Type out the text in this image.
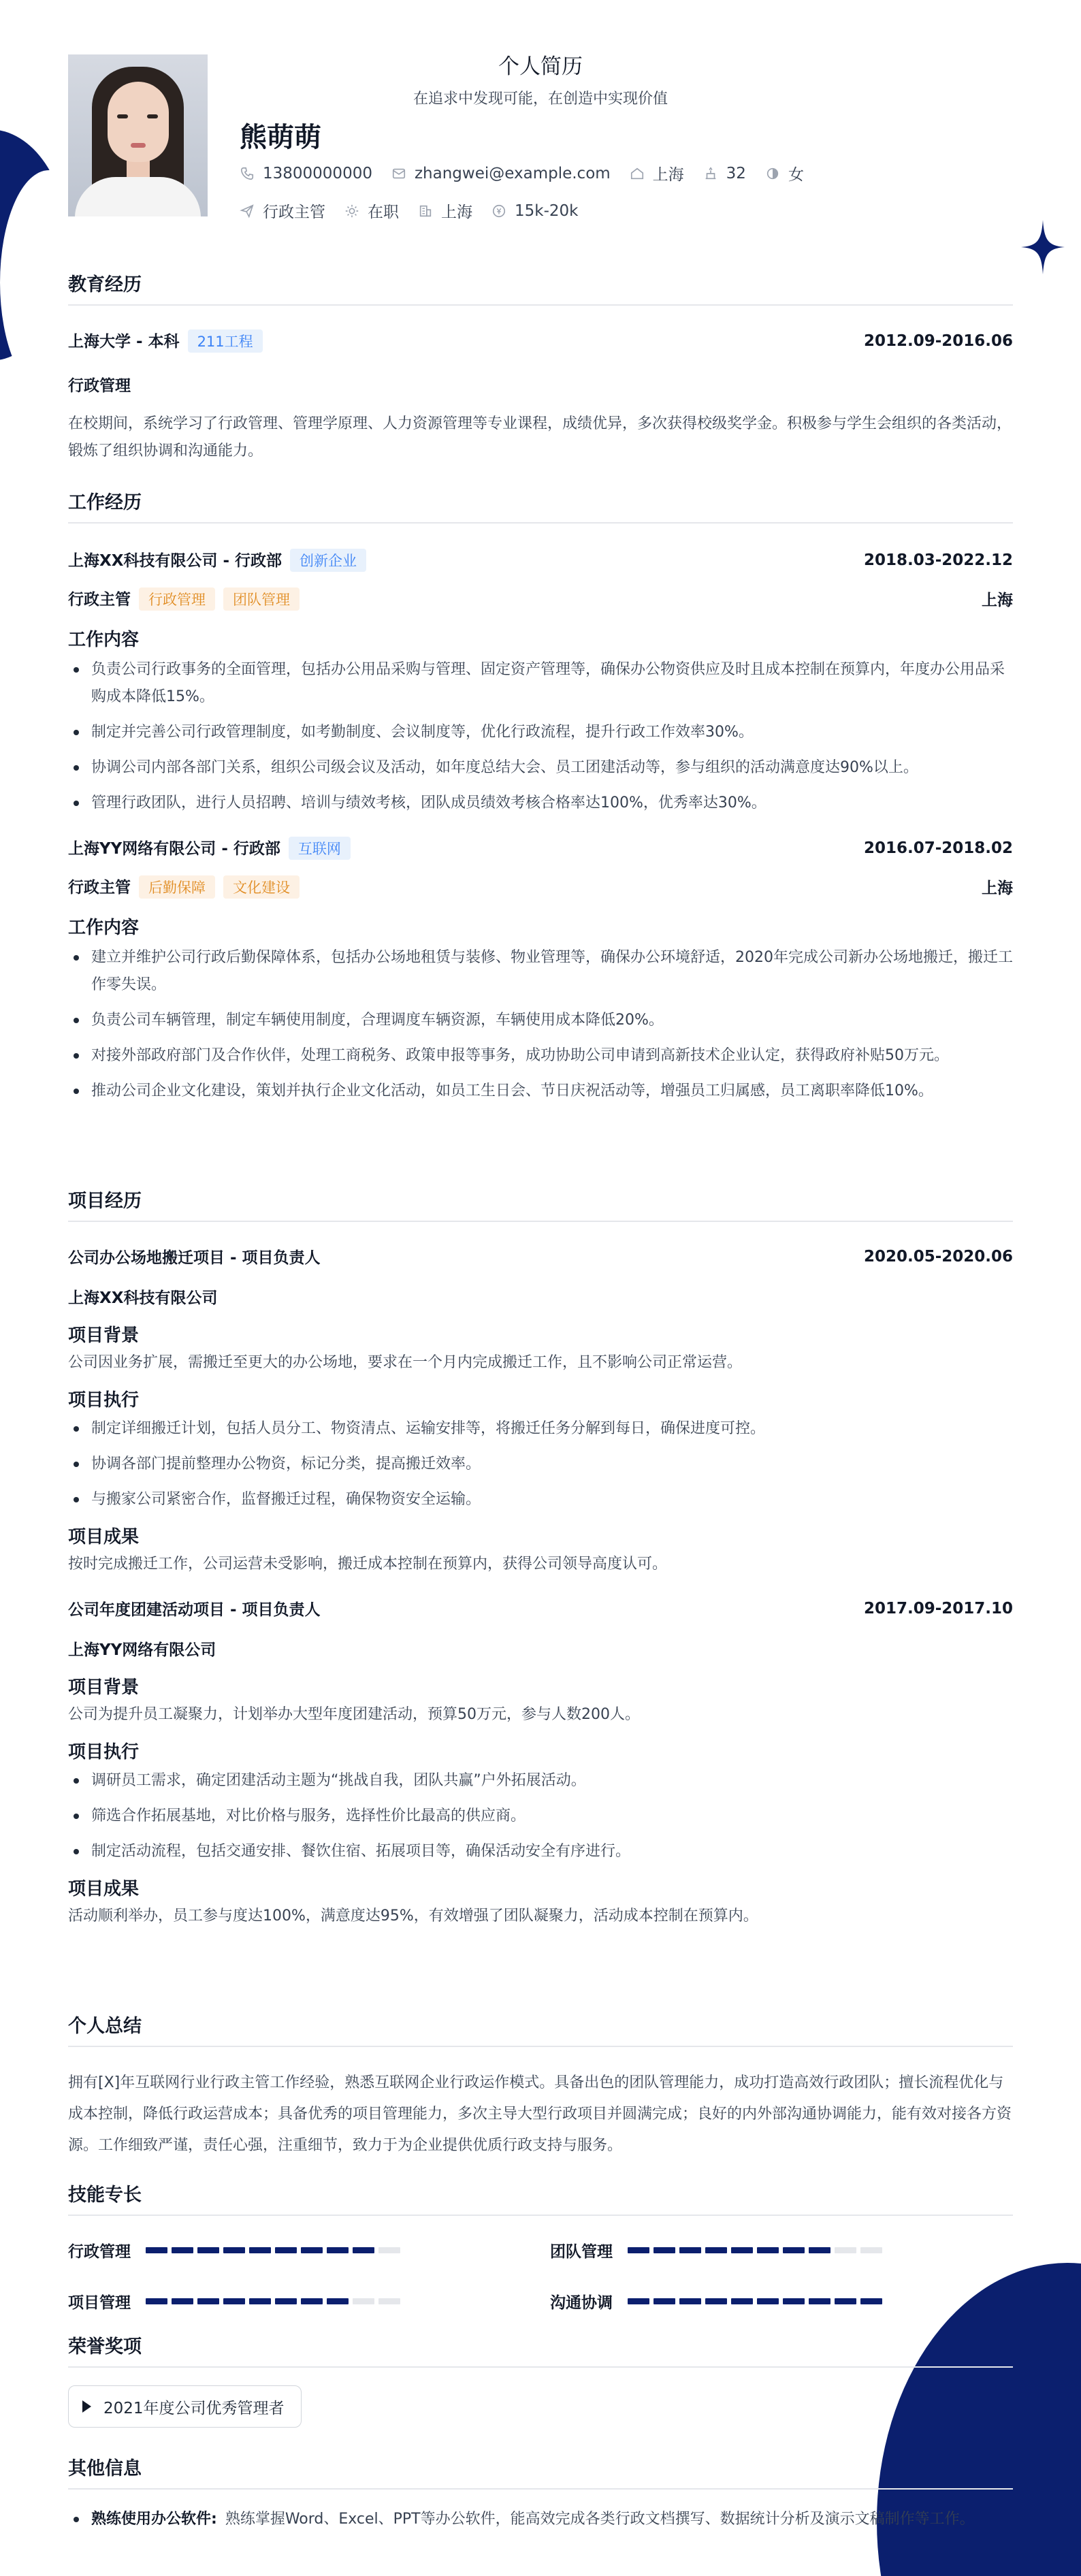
个人简历
在追求中发现可能，在创造中实现价值
熊萌萌
13800000000	zhangwei@example.com	上海	32	女
行政主管	在职	上海	15k-20k
教育经历
上海大学 - 本科 211工程	2012.09-2016.06
行政管理
在校期间，系统学习了行政管理、管理学原理、人力资源管理等专业课程，成绩优异，多次获得校级奖学金。积极参与学生会组织的各类活动，锻炼了组织协调和沟通能力。
工作经历
上海XX科技有限公司 - 行政部 创新企业	2018.03-2022.12
行政主管 行政管理 团队管理	上海
工作内容
负责公司行政事务的全面管理，包括办公用品采购与管理、固定资产管理等，确保办公物资供应及时且成本控制在预算内，年度办公用品采购成本降低15%。
制定并完善公司行政管理制度，如考勤制度、会议制度等，优化行政流程，提升行政工作效率30%。
协调公司内部各部门关系，组织公司级会议及活动，如年度总结大会、员工团建活动等，参与组织的活动满意度达90%以上。
管理行政团队，进行人员招聘、培训与绩效考核，团队成员绩效考核合格率达100%，优秀率达30%。
上海YY网络有限公司 - 行政部 互联网	2016.07-2018.02
行政主管 后勤保障 文化建设	上海
工作内容
建立并维护公司行政后勤保障体系，包括办公场地租赁与装修、物业管理等，确保办公环境舒适，2020年完成公司新办公场地搬迁，搬迁工作零失误。
负责公司车辆管理，制定车辆使用制度，合理调度车辆资源，车辆使用成本降低20%。
对接外部政府部门及合作伙伴，处理工商税务、政策申报等事务，成功协助公司申请到高新技术企业认定，获得政府补贴50万元。
推动公司企业文化建设，策划并执行企业文化活动，如员工生日会、节日庆祝活动等，增强员工归属感，员工离职率降低10%。
项目经历
公司办公场地搬迁项目 - 项目负责人	2020.05-2020.06
上海XX科技有限公司
项目背景
公司因业务扩展，需搬迁至更大的办公场地，要求在一个月内完成搬迁工作，且不影响公司正常运营。
项目执行
制定详细搬迁计划，包括人员分工、物资清点、运输安排等，将搬迁任务分解到每日，确保进度可控。
协调各部门提前整理办公物资，标记分类，提高搬迁效率。
与搬家公司紧密合作，监督搬迁过程，确保物资安全运输。
项目成果
按时完成搬迁工作，公司运营未受影响，搬迁成本控制在预算内，获得公司领导高度认可。
公司年度团建活动项目 - 项目负责人	2017.09-2017.10
上海YY网络有限公司
项目背景
公司为提升员工凝聚力，计划举办大型年度团建活动，预算50万元，参与人数200人。
项目执行
调研员工需求，确定团建活动主题为“挑战自我，团队共赢”户外拓展活动。
筛选合作拓展基地，对比价格与服务，选择性价比最高的供应商。
制定活动流程，包括交通安排、餐饮住宿、拓展项目等，确保活动安全有序进行。
项目成果
活动顺利举办，员工参与度达100%，满意度达95%，有效增强了团队凝聚力，活动成本控制在预算内。
个人总结
拥有[X]年互联网行业行政主管工作经验，熟悉互联网企业行政运作模式。具备出色的团队管理能力，成功打造高效行政团队；擅长流程优化与成本控制，降低行政运营成本；具备优秀的项目管理能力，多次主导大型行政项目并圆满完成；良好的内外部沟通协调能力，能有效对接各方资源。工作细致严谨，责任心强，注重细节，致力于为企业提供优质行政支持与服务。
技能专长
行政管理	团队管理
项目管理	沟通协调
荣誉奖项
2021年度公司优秀管理者
其他信息
熟练使用办公软件: 熟练掌握Word、Excel、PPT等办公软件，能高效完成各类行政文档撰写、数据统计分析及演示文稿制作等工作。
